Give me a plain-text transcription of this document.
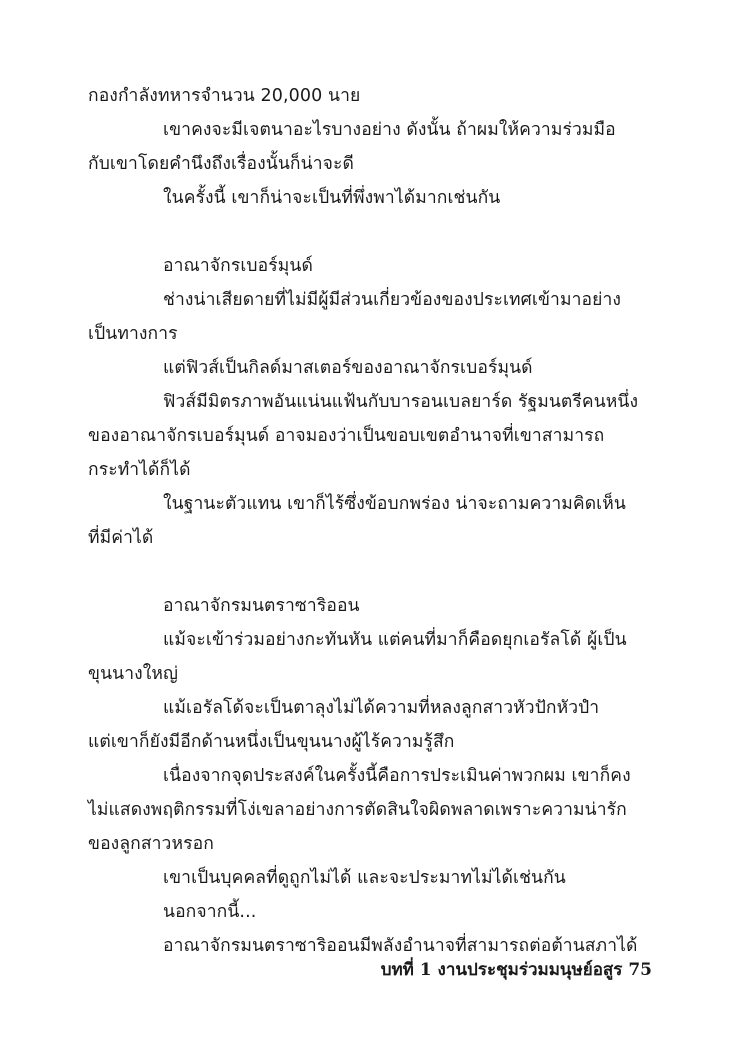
กองกำลังทหารจำนวน 20,000 นาย
เขาคงจะมีเจตนาอะไรบางอย่าง ดังนั้น ถ้าผมให้ความร่วมมือ
กับเขาโดยคำนึงถึงเรื่องนั้นก็น่าจะดี
ในครั้งนี้ เขาก็น่าจะเป็นที่พึ่งพาได้มากเช่นกัน
อาณาจักรเบอร์มุนด์
ช่างน่าเสียดายที่ไม่มีผู้มีส่วนเกี่ยวข้องของประเทศเข้ามาอย่าง
เป็นทางการ
แต่ฟิวส์เป็นกิลด์มาสเตอร์ของอาณาจักรเบอร์มุนด์
ฟิวส์มีมิตรภาพอันแน่นแฟ้นกับบารอนเบลยาร์ด รัฐมนตรีคนหนึ่ง
ของอาณาจักรเบอร์มุนด์ อาจมองว่าเป็นขอบเขตอำนาจที่เขาสามารถ
กระทำได้ก็ได้
ในฐานะตัวแทน เขาก็ไร้ซึ่งข้อบกพร่อง น่าจะถามความคิดเห็น
ที่มีค่าได้
อาณาจักรมนตราซาริออน
แม้จะเข้าร่วมอย่างกะทันหัน แต่คนที่มาก็คือดยุกเอรัลโด้ ผู้เป็น
ขุนนางใหญ่
แม้เอรัลโด้จะเป็นตาลุงไม่ได้ความที่หลงลูกสาวหัวปักหัวปำ
แต่เขาก็ยังมีอีกด้านหนึ่งเป็นขุนนางผู้ไร้ความรู้สึก
เนื่องจากจุดประสงค์ในครั้งนี้คือการประเมินค่าพวกผม เขาก็คง
ไม่แสดงพฤติกรรมที่โง่เขลาอย่างการตัดสินใจผิดพลาดเพราะความน่ารัก
ของลูกสาวหรอก
เขาเป็นบุคคลที่ดูถูกไม่ได้ และจะประมาทไม่ได้เช่นกัน
นอกจากนี้...
อาณาจักรมนตราซาริออนมีพลังอำนาจที่สามารถต่อต้านสภาได้
บทที่ 1 งานประชุมร่วมมนุษย์อสูร 75
